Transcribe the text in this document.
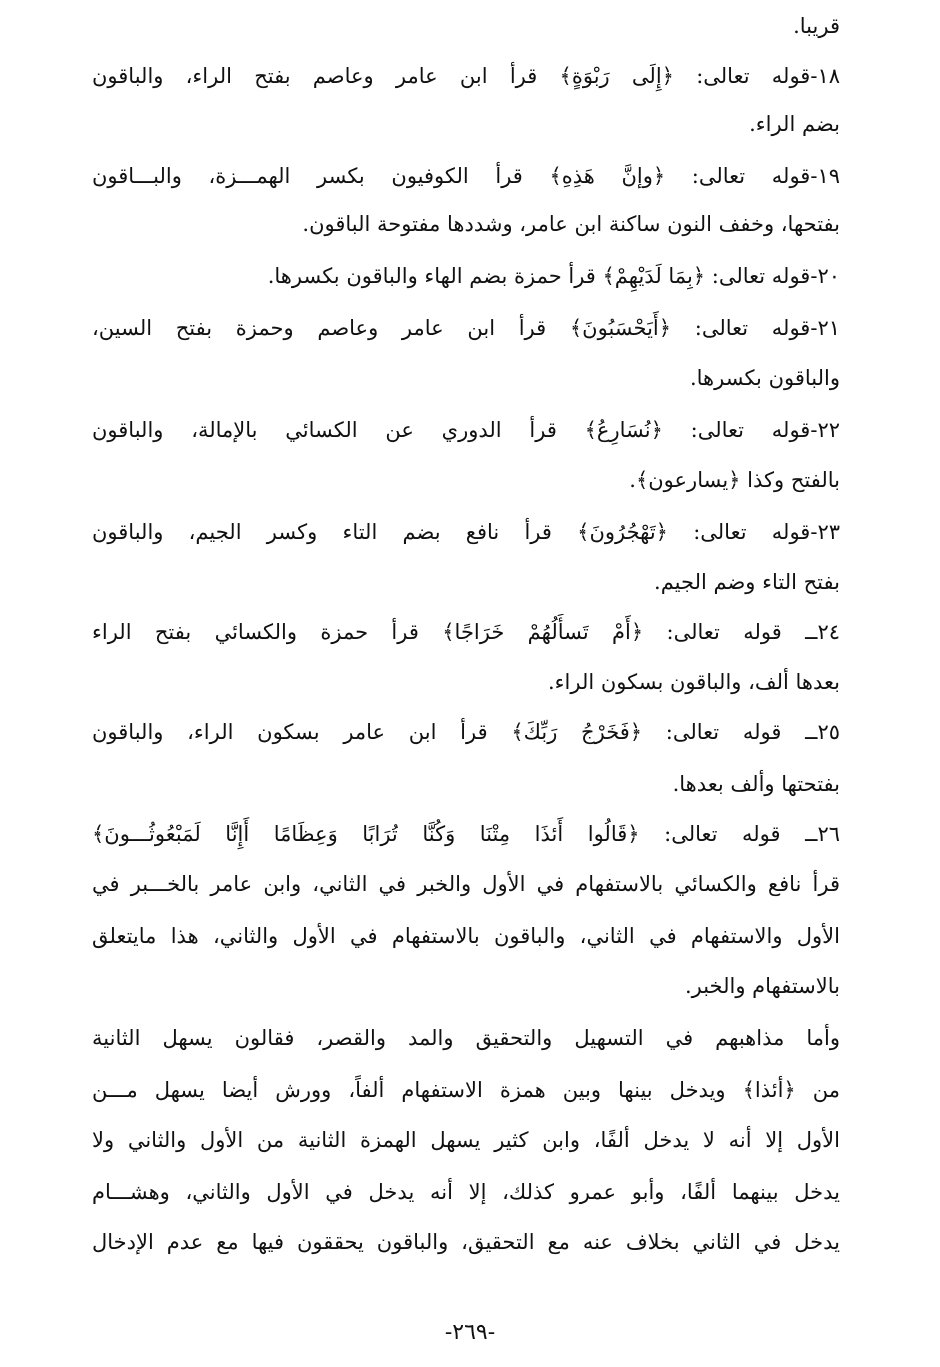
قريبا.
١٨-قوله تعالى: ﴿إِلَى رَبْوَةٍ﴾ قرأ ابن عامر وعاصم بفتح الراء، والباقون
بضم الراء.
١٩-قوله تعالى: ﴿وإنَّ هَذِهِ﴾ قرأ الكوفيون بكسر الهمـــزة، والبـــاقون
بفتحها، وخفف النون ساكنة ابن عامر، وشددها مفتوحة الباقون.
٢٠-قوله تعالى: ﴿بِمَا لَدَيْهِمْ﴾ قرأ حمزة بضم الهاء والباقون بكسرها.
٢١-قوله تعالى: ﴿أَيَحْسَبُونَ﴾ قرأ ابن عامر وعاصم وحمزة بفتح السين،
والباقون بكسرها.
٢٢-قوله تعالى: ﴿نُسَارِعُ﴾ قرأ الدوري عن الكسائي بالإمالة، والباقون
بالفتح وكذا ﴿يسارعون﴾.
٢٣-قوله تعالى: ﴿تَهْجُرُونَ﴾ قرأ نافع بضم التاء وكسر الجيم، والباقون
بفتح التاء وضم الجيم.
٢٤ــ قوله تعالى: ﴿أَمْ تَسأَلُهُمْ خَرَاجًا﴾ قرأ حمزة والكسائي بفتح الراء
بعدها ألف، والباقون بسكون الراء.
٢٥ــ قوله تعالى: ﴿فَخَرْجُ رَبِّكَ﴾ قرأ ابن عامر بسكون الراء، والباقون
بفتحتها وألف بعدها.
٢٦ــ قوله تعالى: ﴿قَالُوا أَئذَا مِتْنَا وَكُنَّا تُرَابًا وَعِظَامًا أَإِنَّا لَمَبْعُوثُـــونَ﴾
قرأ نافع والكسائي بالاستفهام في الأول والخبر في الثاني، وابن عامر بالخـــبر في
الأول والاستفهام في الثاني، والباقون بالاستفهام في الأول والثاني، هذا مايتعلق
بالاستفهام والخبر.
وأما مذاهبهم في التسهيل والتحقيق والمد والقصر، فقالون يسهل الثانية
من ﴿أئذا﴾ ويدخل بينها وبين همزة الاستفهام ألفاً، وورش أيضا يسهل مـــن
الأول إلا أنه لا يدخل ألفًا، وابن كثير يسهل الهمزة الثانية من الأول والثاني ولا
يدخل بينهما ألفًا، وأبو عمرو كذلك، إلا أنه يدخل في الأول والثاني، وهشـــام
يدخل في الثاني بخلاف عنه مع التحقيق، والباقون يحققون فيها مع عدم الإدخال
-٢٦٩-
